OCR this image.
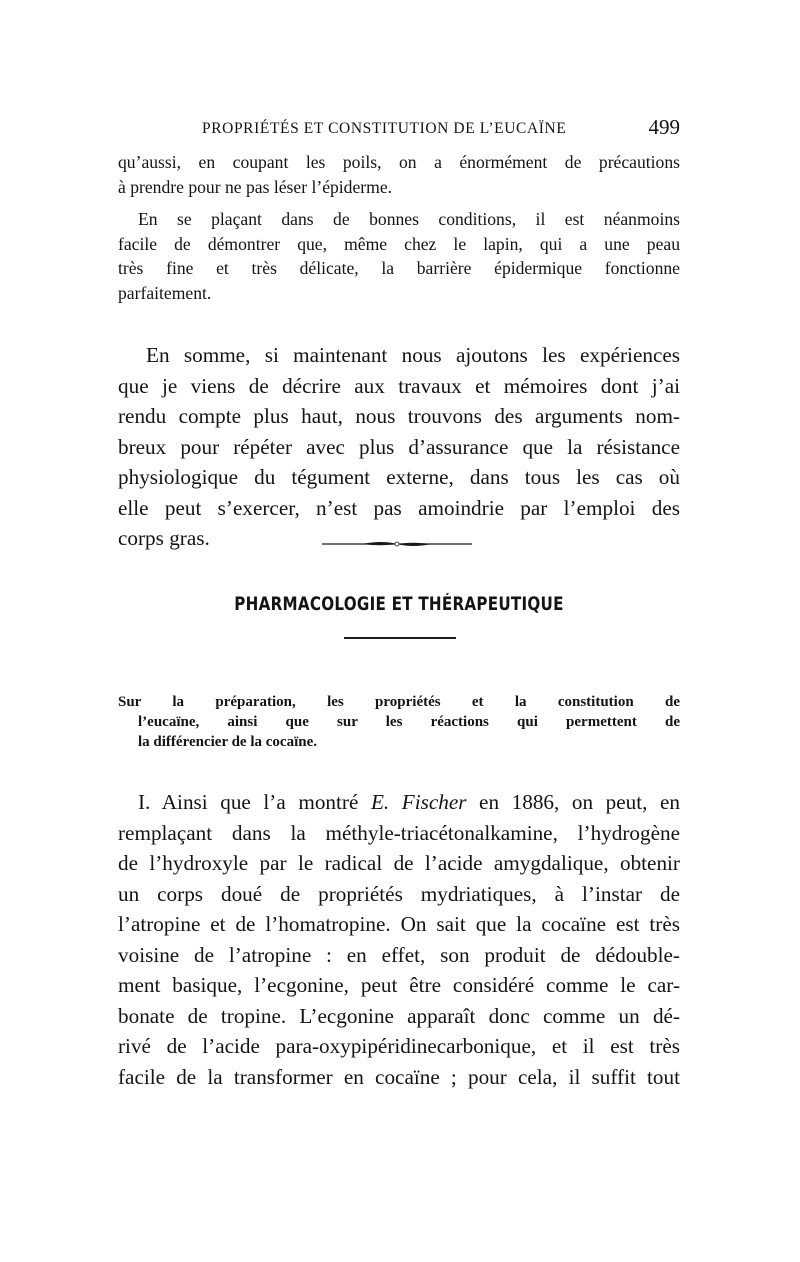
PROPRIÉTÉS ET CONSTITUTION DE L’EUCAÏNE	499

qu’aussi, en coupant les poils, on a énormément de précautions
à prendre pour ne pas léser l’épiderme.

En se plaçant dans de bonnes conditions, il est néanmoins
facile de démontrer que, même chez le lapin, qui a une peau
très fine et très délicate, la barrière épidermique fonctionne
parfaitement.

En somme, si maintenant nous ajoutons les expériences
que je viens de décrire aux travaux et mémoires dont j’ai
rendu compte plus haut, nous trouvons des arguments nom-
breux pour répéter avec plus d’assurance que la résistance
physiologique du tégument externe, dans tous les cas où
elle peut s’exercer, n’est pas amoindrie par l’emploi des
corps gras.

PHARMACOLOGIE ET THÉRAPEUTIQUE

Sur la préparation, les propriétés et la constitution de
l’eucaïne, ainsi que sur les réactions qui permettent de
la différencier de la cocaïne.

I. Ainsi que l’a montré E. Fischer en 1886, on peut, en
remplaçant dans la méthyle-triacétonalkamine, l’hydrogène
de l’hydroxyle par le radical de l’acide amygdalique, obtenir
un corps doué de propriétés mydriatiques, à l’instar de
l’atropine et de l’homatropine. On sait que la cocaïne est très
voisine de l’atropine : en effet, son produit de dédouble-
ment basique, l’ecgonine, peut être considéré comme le car-
bonate de tropine. L’ecgonine apparaît donc comme un dé-
rivé de l’acide para-oxypipéridinecarbonique, et il est très
facile de la transformer en cocaïne ; pour cela, il suffit tout
